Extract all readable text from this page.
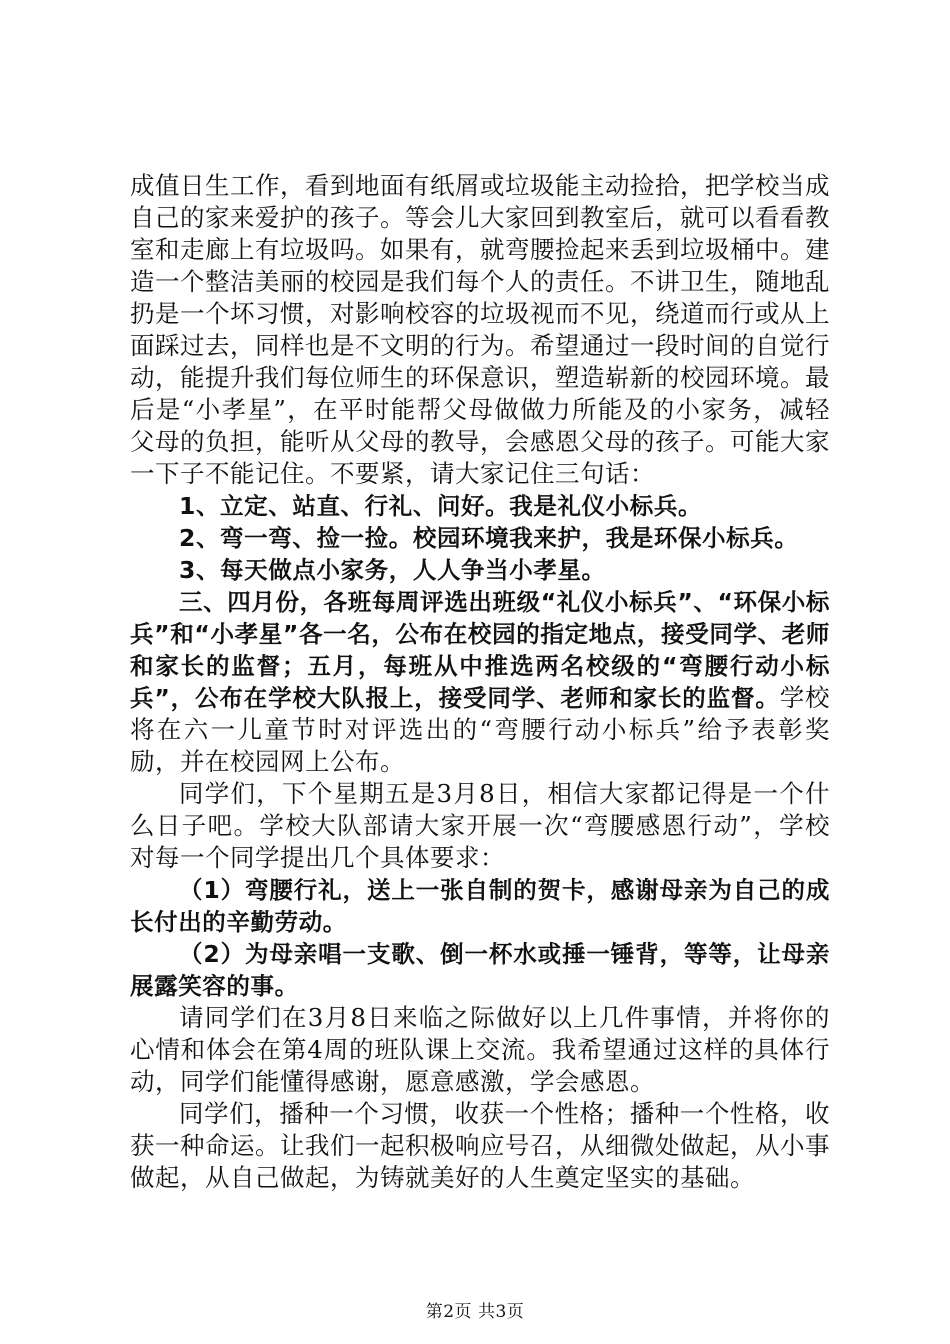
成值日生工作，看到地面有纸屑或垃圾能主动捡拾，把学校当成自己的家来爱护的孩子。等会儿大家回到教室后，就可以看看教室和走廊上有垃圾吗。如果有，就弯腰捡起来丢到垃圾桶中。建造一个整洁美丽的校园是我们每个人的责任。不讲卫生，随地乱扔是一个坏习惯，对影响校容的垃圾视而不见，绕道而行或从上面踩过去，同样也是不文明的行为。希望通过一段时间的自觉行动，能提升我们每位师生的环保意识，塑造崭新的校园环境。最后是“小孝星”，在平时能帮父母做做力所能及的小家务，减轻父母的负担，能听从父母的教导，会感恩父母的孩子。可能大家一下子不能记住。不要紧，请大家记住三句话：

1、立定、站直、行礼、问好。我是礼仪小标兵。

2、弯一弯、捡一捡。校园环境我来护，我是环保小标兵。

3、每天做点小家务，人人争当小孝星。

三、四月份，各班每周评选出班级“礼仪小标兵”、“环保小标兵”和“小孝星”各一名，公布在校园的指定地点，接受同学、老师和家长的监督；五月，每班从中推选两名校级的“弯腰行动小标兵”，公布在学校大队报上，接受同学、老师和家长的监督。学校将在六一儿童节时对评选出的“弯腰行动小标兵”给予表彰奖励，并在校园网上公布。

同学们，下个星期五是3月8日，相信大家都记得是一个什么日子吧。学校大队部请大家开展一次“弯腰感恩行动”，学校对每一个同学提出几个具体要求：

（1）弯腰行礼，送上一张自制的贺卡，感谢母亲为自己的成长付出的辛勤劳动。

（2）为母亲唱一支歌、倒一杯水或捶一锤背，等等，让母亲展露笑容的事。

请同学们在3月8日来临之际做好以上几件事情，并将你的心情和体会在第4周的班队课上交流。我希望通过这样的具体行动，同学们能懂得感谢，愿意感激，学会感恩。

同学们，播种一个习惯，收获一个性格；播种一个性格，收获一种命运。让我们一起积极响应号召，从细微处做起，从小事做起，从自己做起，为铸就美好的人生奠定坚实的基础。

第2页 共3页
